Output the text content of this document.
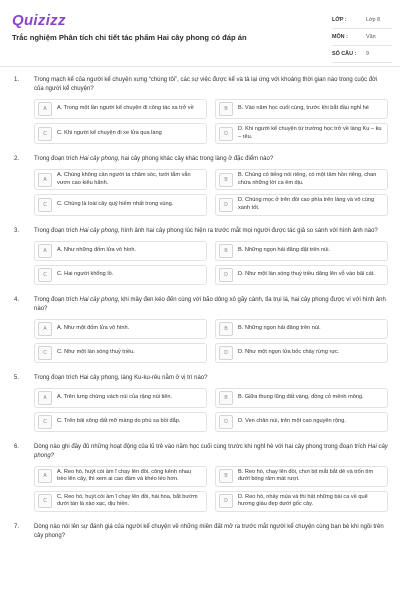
Quizizz
Trắc nghiệm Phân tích chi tiết tác phẩm Hai cây phong có đáp án
LỚP :	Lớp 8
MÔN :	Văn
SỐ CÂU :	9
1.	Trong mạch kể của người kể chuyện xưng “chúng tôi”, các sự việc được kể và tả lại ứng với khoảng thời gian nào trong cuộc đời của người kể chuyện?
A	A. Trong một lần người kể chuyện đi công tác xa trở về	B	B. Vào năm học cuối cùng, trước khi bắt đầu nghỉ hè
C	C. Khi người kể chuyện đi xe lửa qua làng	D
D. Khi người kể chuyện từ trường học trở về làng Ku – ku – rêu.
2.	Trong đoạn trích Hai cây phong, hai cây phong khác cây khác trong làng ở đặc điểm nào?
A
A. Chúng không cần người ta chăm sóc, tưới tắm vẫn vươn cao kiêu hãnh.	B
B. Chúng có tiếng nói riêng, có một tâm hồn riêng, chan chứa những lời ca êm dịu.
C	C. Chúng là loài cây quý hiếm nhất trong vùng.	D
D. Chúng mọc ở trên đồi cao phía trên làng và vô cùng xanh tốt.
3.	Trong đoạn trích Hai cây phong, hình ảnh hai cây phong lúc hiện ra trước mắt mọi người được tác giả so sánh với hình ảnh nào?
A	A. Như những đốm lửa vô hình.	B	B. Những ngọn hải đăng đặt trên núi.
C	C. Hai người khổng lồ.	D	D. Như một làn sóng thuỷ triều dâng lên vỗ vào bãi cát.
4.	Trong đoạn trích Hai cây phong, khi mây đen kéo đến cùng với bão dông xô gãy cành, tỉa trụi lá, hai cây phong được ví với hình ảnh nào?
A	A. Như một đốm lửa vô hình.	B	B. Những ngọn hải đăng trên núi.
C	C. Như một làn sóng thuỷ triều.	D	D. Như một ngọn lửa bốc cháy rừng rực.
5.	Trong đoạn trích Hai cây phong, làng Ku-ku-rêu nằm ở vị trí nào?
A	A. Trên lưng chừng vách núi của rặng núi tiên.	B	B. Giữa thung lũng đất vàng, đồng cỏ mênh mông.
C	C. Trên bãi sông đất mỡ màng do phù sa bồi đắp.	D	D. Ven chân núi, trên một cao nguyên rộng.
6.	Dòng nào ghi đầy đủ những hoạt động của lũ trẻ vào năm học cuối cùng trước khi nghỉ hè với hai cây phong trong đoạn trích Hai cây phong?
A
A. Reo hò, huýt còi ầm ĩ chạy lên đồi, công kênh nhau trèo lên cây, thi xem ai cao đầm và khéo léo hơn.	B
B. Reo hò, chạy lên đồi, chơi bịt mắt bắt dê và trốn tìm dưới bóng râm mát rượi.
C
C. Reo hò, huýt còi ầm ĩ chạy lên đồi, hái hoa, bắt bướm dưới tán lá xào xạc, dịu hiền.	D
D. Reo hò, nhảy múa và thi hát những bài ca về quê hương giàu đẹp dưới gốc cây.
7.	Dòng nào nói lên sự đánh giá của người kể chuyện về những miền đất mở ra trước mắt người kể chuyện cùng bạn bè khi ngồi trên cây phong?
